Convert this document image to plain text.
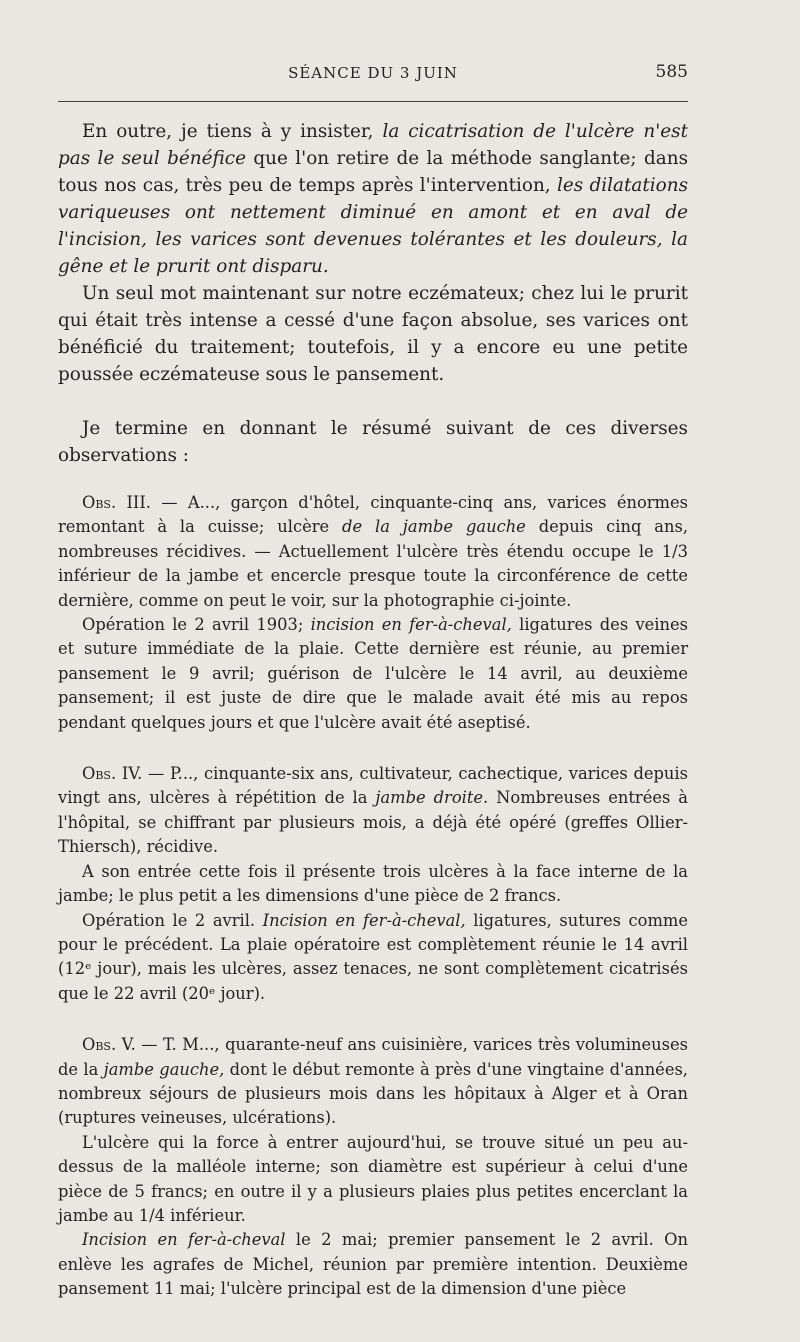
SÉANCE DU 3 JUIN	585

En outre, je tiens à y insister, la cicatrisation de l'ulcère n'est pas le seul bénéfice que l'on retire de la méthode sanglante; dans tous nos cas, très peu de temps après l'intervention, les dilatations variqueuses ont nettement diminué en amont et en aval de l'incision, les varices sont devenues tolérantes et les douleurs, la gêne et le prurit ont disparu.

Un seul mot maintenant sur notre eczémateux; chez lui le prurit qui était très intense a cessé d'une façon absolue, ses varices ont bénéficié du traitement; toutefois, il y a encore eu une petite poussée eczémateuse sous le pansement.

Je termine en donnant le résumé suivant de ces diverses observations :

Obs. III. — A..., garçon d'hôtel, cinquante-cinq ans, varices énormes remontant à la cuisse; ulcère de la jambe gauche depuis cinq ans, nombreuses récidives. — Actuellement l'ulcère très étendu occupe le 1/3 inférieur de la jambe et encercle presque toute la circonférence de cette dernière, comme on peut le voir, sur la photographie ci-jointe.

Opération le 2 avril 1903; incision en fer-à-cheval, ligatures des veines et suture immédiate de la plaie. Cette dernière est réunie, au premier pansement le 9 avril; guérison de l'ulcère le 14 avril, au deuxième pansement; il est juste de dire que le malade avait été mis au repos pendant quelques jours et que l'ulcère avait été aseptisé.

Obs. IV. — P..., cinquante-six ans, cultivateur, cachectique, varices depuis vingt ans, ulcères à répétition de la jambe droite. Nombreuses entrées à l'hôpital, se chiffrant par plusieurs mois, a déjà été opéré (greffes Ollier-Thiersch), récidive.

A son entrée cette fois il présente trois ulcères à la face interne de la jambe; le plus petit a les dimensions d'une pièce de 2 francs.

Opération le 2 avril. Incision en fer-à-cheval, ligatures, sutures comme pour le précédent. La plaie opératoire est complètement réunie le 14 avril (12ᵉ jour), mais les ulcères, assez tenaces, ne sont complètement cicatrisés que le 22 avril (20ᵉ jour).

Obs. V. — T. M..., quarante-neuf ans cuisinière, varices très volumineuses de la jambe gauche, dont le début remonte à près d'une vingtaine d'années, nombreux séjours de plusieurs mois dans les hôpitaux à Alger et à Oran (ruptures veineuses, ulcérations).

L'ulcère qui la force à entrer aujourd'hui, se trouve situé un peu au-dessus de la malléole interne; son diamètre est supérieur à celui d'une pièce de 5 francs; en outre il y a plusieurs plaies plus petites encerclant la jambe au 1/4 inférieur.

Incision en fer-à-cheval le 2 mai; premier pansement le 2 avril. On enlève les agrafes de Michel, réunion par première intention. Deuxième pansement 11 mai; l'ulcère principal est de la dimension d'une pièce
